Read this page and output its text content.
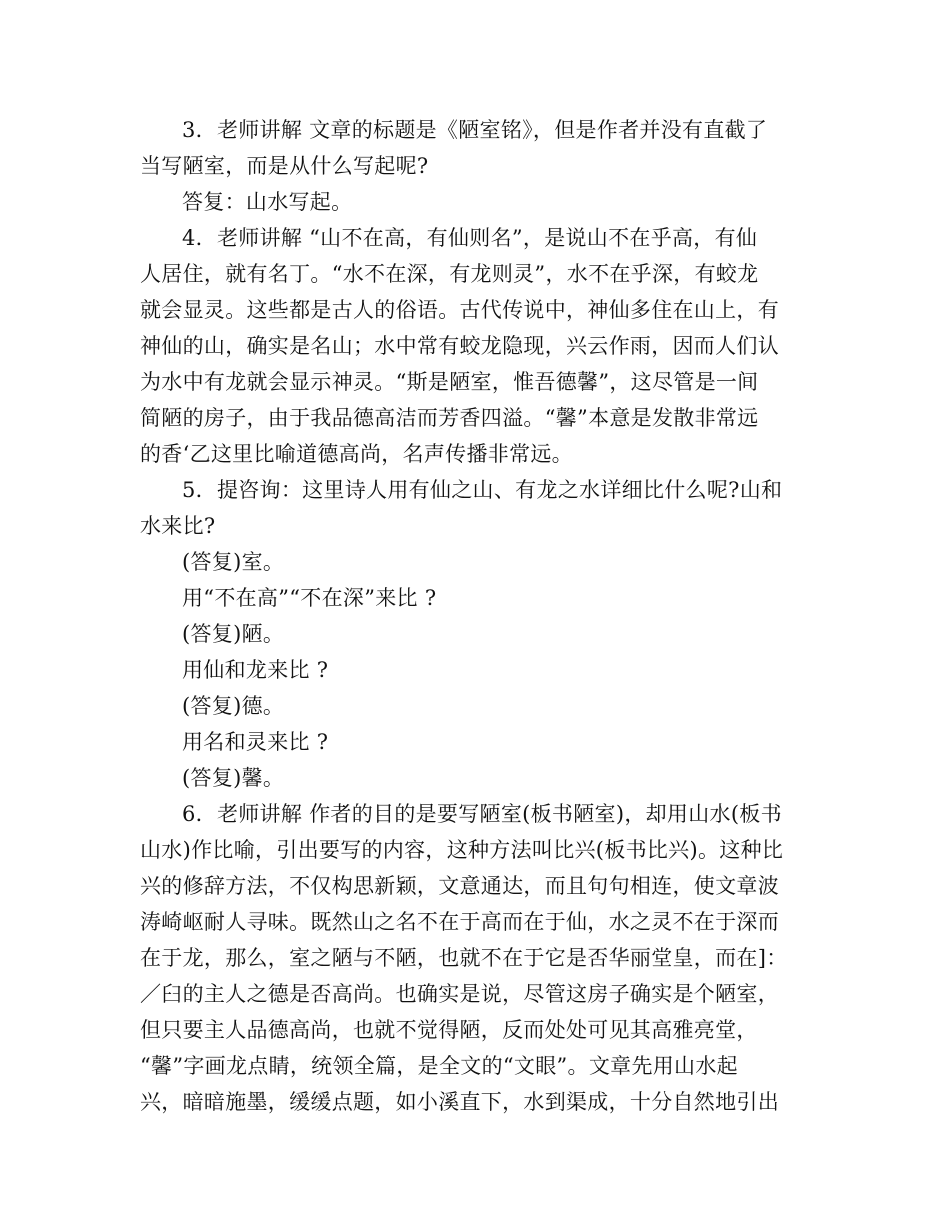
3．老师讲解 文章的标题是《陋室铭》，但是作者并没有直截了
当写陋室，而是从什么写起呢?
答复：山水写起。
4．老师讲解 “山不在高，有仙则名”，是说山不在乎高，有仙
人居住，就有名丁。“水不在深，有龙则灵”，水不在乎深，有蛟龙
就会显灵。这些都是古人的俗语。古代传说中，神仙多住在山上，有
神仙的山，确实是名山；水中常有蛟龙隐现，兴云作雨，因而人们认
为水中有龙就会显示神灵。“斯是陋室，惟吾德馨”，这尽管是一间
简陋的房子，由于我品德高洁而芳香四溢。“馨”本意是发散非常远
的香‘乙这里比喻道德高尚，名声传播非常远。
5．提咨询：这里诗人用有仙之山、有龙之水详细比什么呢?山和
水来比?
(答复)室。
用“不在高”“不在深”来比 ?
(答复)陋。
用仙和龙来比 ?
(答复)德。
用名和灵来比 ?
(答复)馨。
6．老师讲解 作者的目的是要写陋室(板书陋室)，却用山水(板书
山水)作比喻，引出要写的内容，这种方法叫比兴(板书比兴)。这种比
兴的修辞方法，不仅构思新颖，文意通达，而且句句相连，使文章波
涛崎岖耐人寻味。既然山之名不在于高而在于仙，水之灵不在于深而
在于龙，那么，室之陋与不陋，也就不在于它是否华丽堂皇，而在]：
／臼的主人之德是否高尚。也确实是说，尽管这房子确实是个陋室，
但只要主人品德高尚，也就不觉得陋，反而处处可见其高雅亮堂，
“馨”字画龙点睛，统领全篇，是全文的“文眼”。文章先用山水起
兴，暗暗施墨，缓缓点题，如小溪直下，水到渠成，十分自然地引出
